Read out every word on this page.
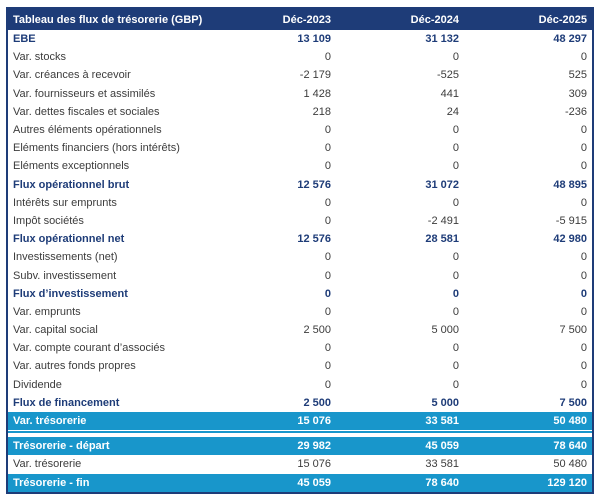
Tableau des flux de trésorerie (GBP)	Déc-2023	Déc-2024	Déc-2025
EBE	13 109	31 132	48 297
Var. stocks	0	0	0
Var. créances à recevoir	-2 179	-525	525
Var. fournisseurs et assimilés	1 428	441	309
Var. dettes fiscales et sociales	218	24	-236
Autres éléments opérationnels	0	0	0
Eléments financiers (hors intérêts)	0	0	0
Eléments exceptionnels	0	0	0
Flux opérationnel brut	12 576	31 072	48 895
Intérêts sur emprunts	0	0	0
Impôt sociétés	0	-2 491	-5 915
Flux opérationnel net	12 576	28 581	42 980
Investissements (net)	0	0	0
Subv. investissement	0	0	0
Flux d’investissement	0	0	0
Var. emprunts	0	0	0
Var. capital social	2 500	5 000	7 500
Var. compte courant d’associés	0	0	0
Var. autres fonds propres	0	0	0
Dividende	0	0	0
Flux de financement	2 500	5 000	7 500
Var. trésorerie	15 076	33 581	50 480

Trésorerie - départ	29 982	45 059	78 640
Var. trésorerie	15 076	33 581	50 480
Trésorerie - fin	45 059	78 640	129 120
